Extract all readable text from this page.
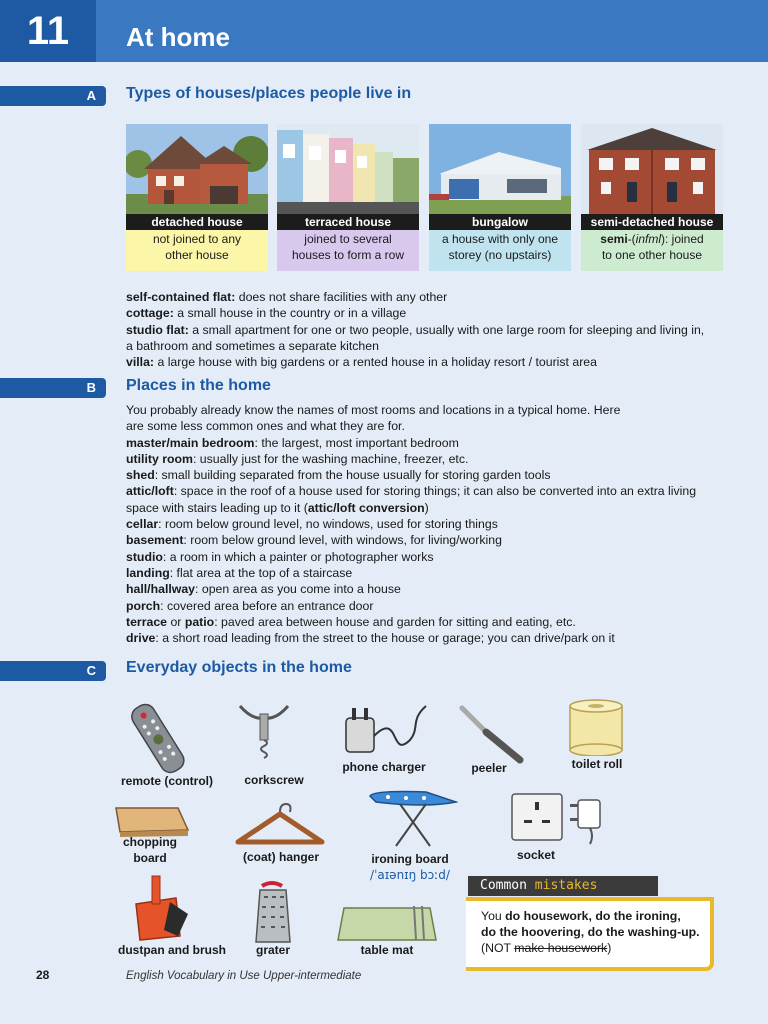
11	At home
A	Types of houses/places people live in
detached house
not joined to any
other house
terraced house
joined to several
houses to form a row
bungalow
a house with only one
storey (no upstairs)
semi-detached house
semi-(infml): joined
to one other house

self-contained flat: does not share facilities with any other

cottage: a small house in the country or in a village

studio flat: a small apartment for one or two people, usually with one large room for sleeping and living in, a bathroom and sometimes a separate kitchen

villa: a large house with big gardens or a rented house in a holiday resort / tourist area

B	Places in the home

You probably already know the names of most rooms and locations in a typical home. Here are some less common ones and what they are for.

master/main bedroom: the largest, most important bedroom

utility room: usually just for the washing machine, freezer, etc.

shed: small building separated from the house usually for storing garden tools

attic/loft: space in the roof of a house used for storing things; it can also be converted into an extra living space with stairs leading up to it (attic/loft conversion)

cellar: room below ground level, no windows, used for storing things

basement: room below ground level, with windows, for living/working

studio: a room in which a painter or photographer works

landing: flat area at the top of a staircase

hall/hallway: open area as you come into a house

porch: covered area before an entrance door

terrace or patio: paved area between house and garden for sitting and eating, etc.

drive: a short road leading from the street to the house or garage; you can drive/park on it

C	Everyday objects in the home
remote (control)	corkscrew
phone charger	peeler	toilet roll
chopping
board	(coat) hanger	ironing board
/ˈaɪənɪŋ bɔːd/
socket
dustpan and brush	grater	table mat
Common mistakes
You do housework, do the ironing,
do the hoovering, do the washing-up.
(NOT make housework)
28	English Vocabulary in Use Upper-intermediate
